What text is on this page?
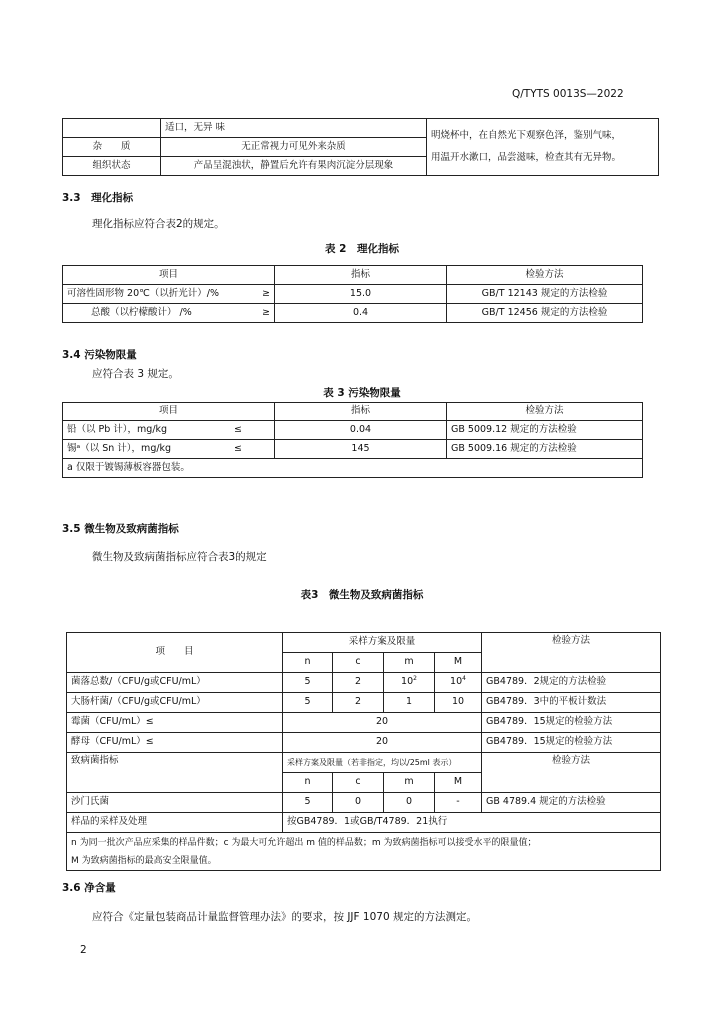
Q/TYTS 0013S—2022
	适口，无异 味	明烧杯中，在自然光下观察色泽，鉴别气味，
用温开水漱口，品尝滋味，检查其有无异物。

杂　　质	无正常视力可见外来杂质	
组织状态	产品呈混浊状，静置后允许有果肉沉淀分层现象	
3.3　理化指标
理化指标应符合表2的规定。
表 2　理化指标
项目	指标	检验方法
可溶性固形物 20℃（以折光计）/% ≥	15.0	GB/T 12143 规定的方法检验
总酸（以柠檬酸计） /% ≥	0.4	GB/T 12456 规定的方法检验
3.4 污染物限量
应符合表 3 规定。
表 3 污染物限量
项目	指标	检验方法
铅（以 Pb 计），mg/kg ≤	0.04	GB 5009.12 规定的方法检验
锡ᵃ（以 Sn 计），mg/kg ≤	145	GB 5009.16 规定的方法检验
a 仅限于镀锡薄板容器包装。		
3.5 微生物及致病菌指标
微生物及致病菌指标应符合表3的规定
表3　微生物及致病菌指标
项　　目	采样方案及限量				检验方法
	n	c	m	M	
菌落总数/（CFU/g或CFU/mL）	5	2	$10^2$	$10^4$	GB4789．2规定的方法检验
大肠杆菌/（CFU/g或CFU/mL）	5	2	1	10	GB4789．3中的平板计数法
霉菌（CFU/mL）≤	20				GB4789．15规定的检验方法
酵母（CFU/mL）≤	20				GB4789．15规定的检验方法
致病菌指标	采样方案及限量（若非指定，均以/25ml 表示）				检验方法
	n	c	m	M	
沙门氏菌	5	0	0	-	GB 4789.4 规定的方法检验
样品的采样及处理	按GB4789．1或GB/T4789．21执行				

n 为同一批次产品应采集的样品件数；c 为最大可允许超出 m 值的样品数；m 为致病菌指标可以接受水平的限量值；
M 为致病菌指标的最高安全限量值。					
3.6 净含量
应符合《定量包装商品计量监督管理办法》的要求，按 JJF 1070 规定的方法测定。
2
